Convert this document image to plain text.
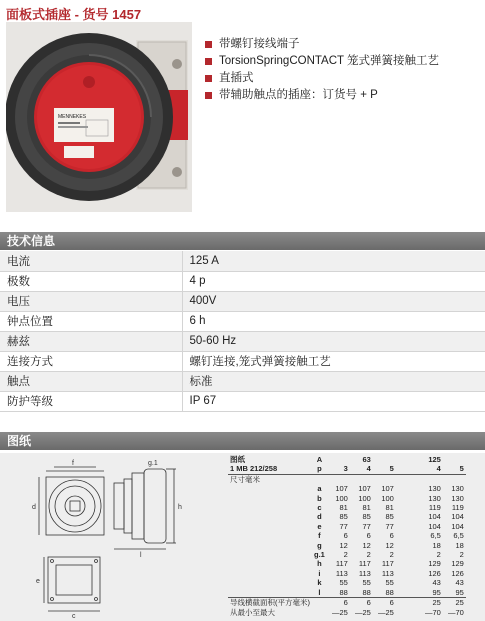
面板式插座 - 货号 1457
MENNEKES
带螺钉接线端子
TorsionSpringCONTACT 笼式弹簧接触工艺
直插式
带辅助触点的插座：订货号 + P
技术信息
电流	125 A
极数	4 p
电压	400V
钟点位置	6 h
赫兹	50-60 Hz
连接方式	螺钉连接,笼式弹簧接触工艺
触点	标准
防护等级	IP 67
图纸
d
f
l
h
g.1
e
c
图纸	A		63			125	
1 MB 212/258	p	3	4	5		4	5
尺寸毫米							
	a	107	107	107		130	130
	b	100	100	100		130	130
	c	81	81	81		119	119
	d	85	85	85		104	104
	e	77	77	77		104	104
	f	6	6	6		6,5	6,5
	g	12	12	12		18	18
	g.1	2	2	2		2	2
	h	117	117	117		129	129
	i	113	113	113		126	126
	k	55	55	55		43	43
	l	88	88	88		95	95
导线横截面积(平方毫米)		6	6	6		25	25
从最小至最大		—25	—25	—25		—70	—70
